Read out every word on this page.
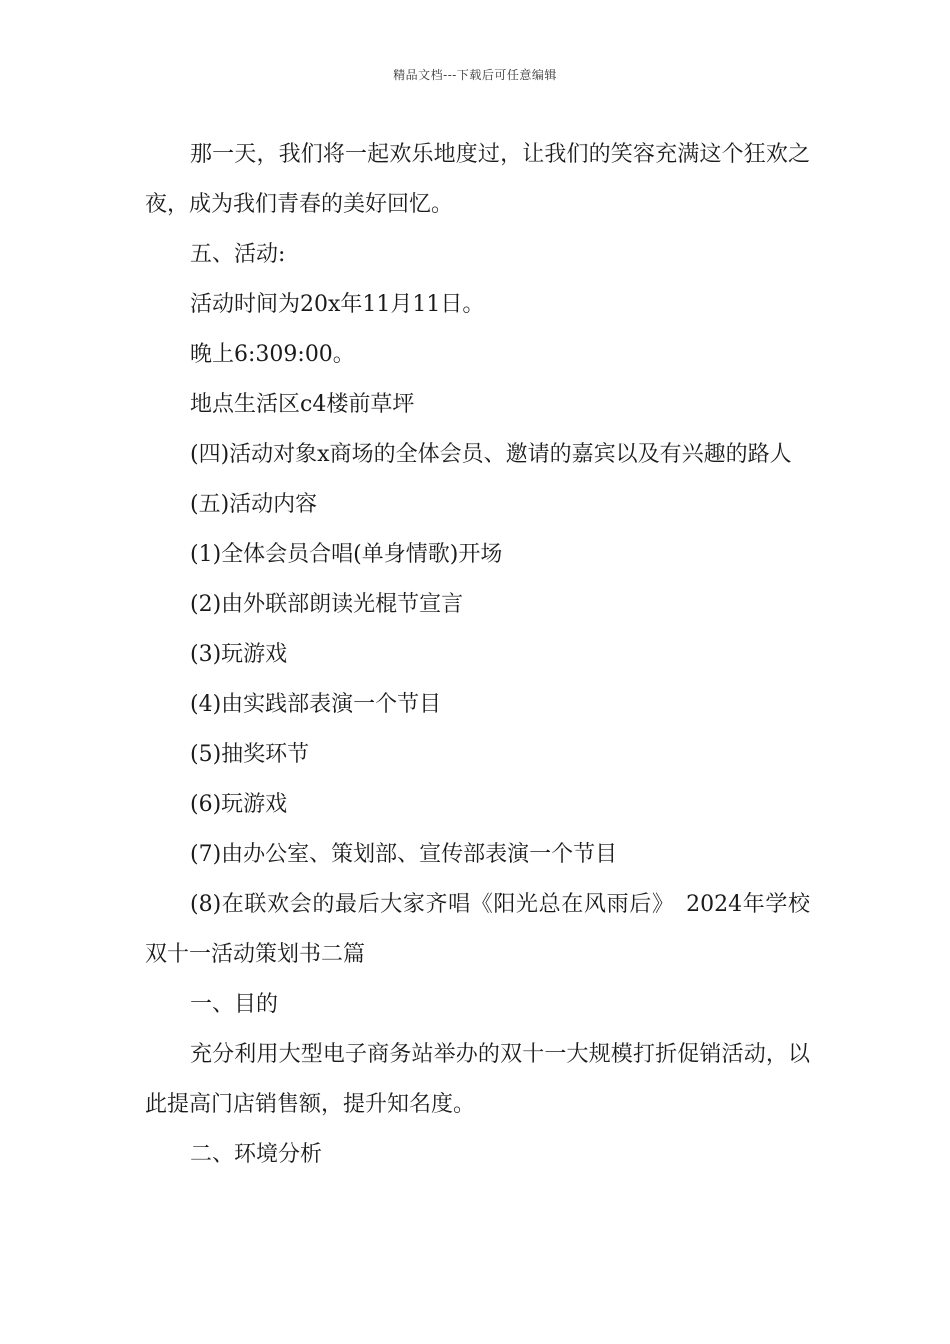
精品文档---下载后可任意编辑

那一天，我们将一起欢乐地度过，让我们的笑容充满这个狂欢之夜，成为我们青春的美好回忆。

五、活动:

活动时间为20x年11月11日。

晚上6:309:00。

地点生活区c4楼前草坪

(四)活动对象x商场的全体会员、邀请的嘉宾以及有兴趣的路人

(五)活动内容

(1)全体会员合唱(单身情歌)开场

(2)由外联部朗读光棍节宣言

(3)玩游戏

(4)由实践部表演一个节目

(5)抽奖环节

(6)玩游戏

(7)由办公室、策划部、宣传部表演一个节目

(8)在联欢会的最后大家齐唱《阳光总在风雨后》　2024年学校双十一活动策划书二篇

一、目的

充分利用大型电子商务站举办的双十一大规模打折促销活动，以此提高门店销售额，提升知名度。

二、环境分析
